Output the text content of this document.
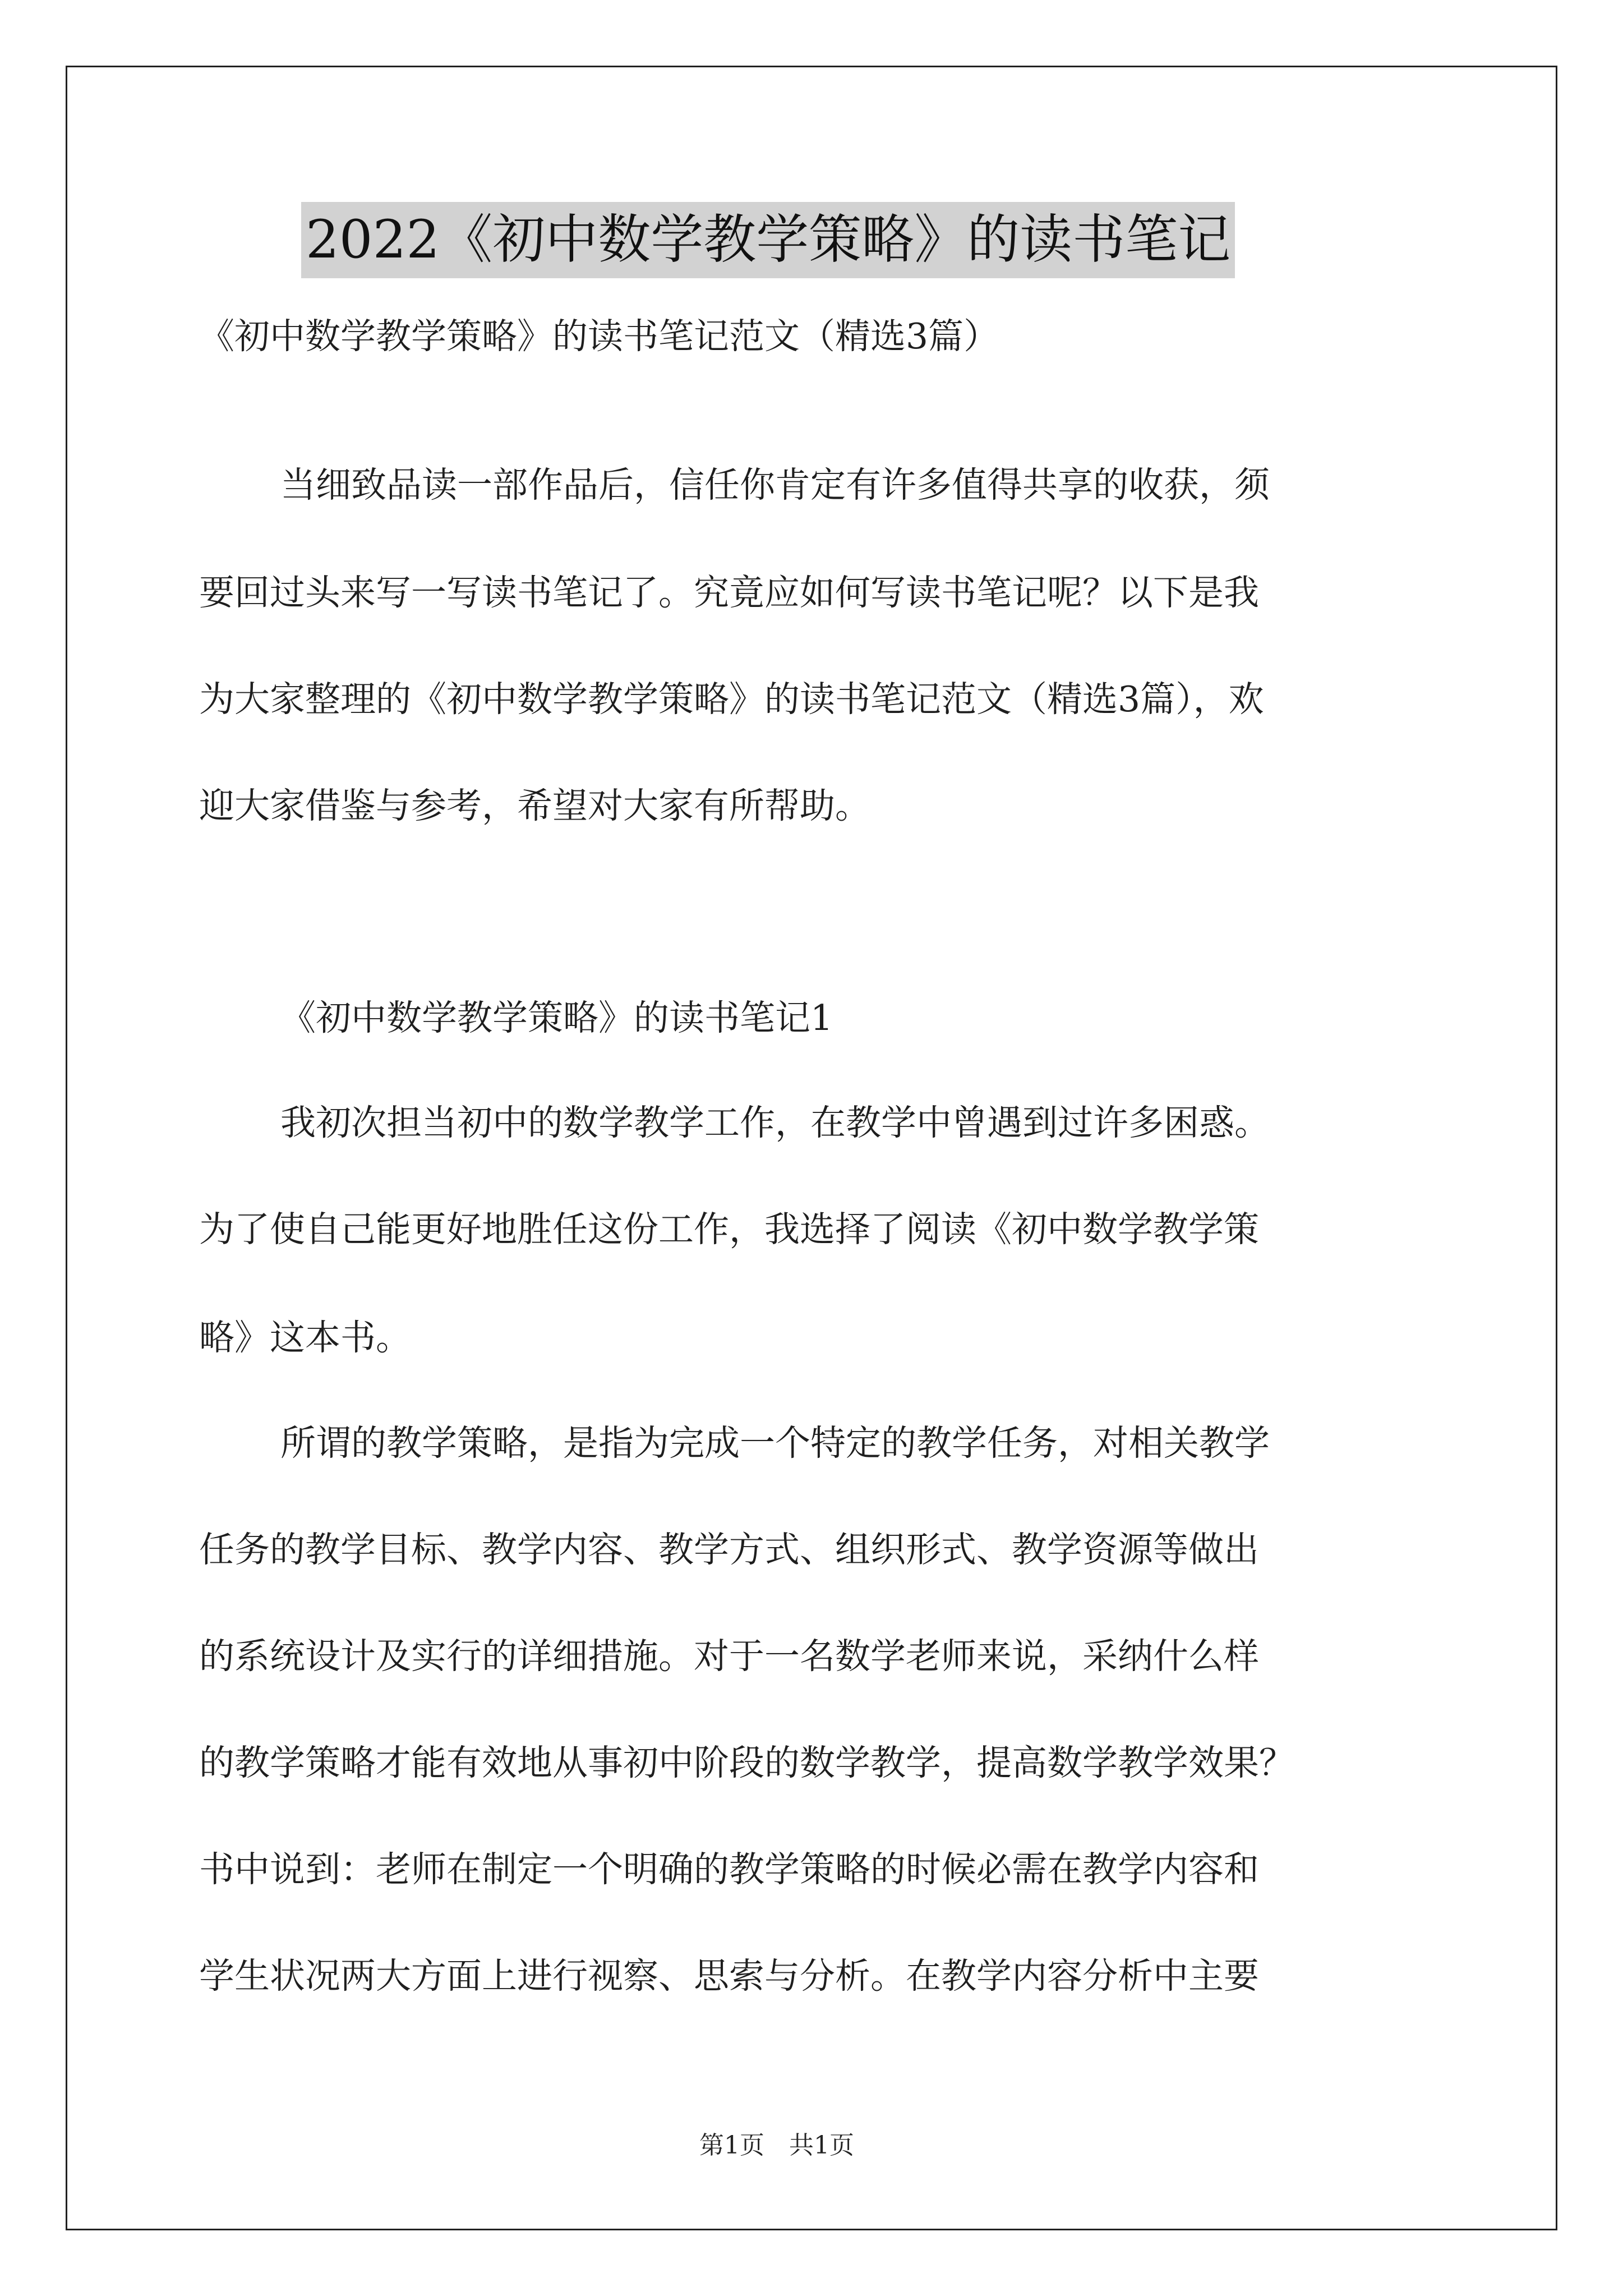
2022《初中数学教学策略》的读书笔记
《初中数学教学策略》的读书笔记范文（精选3篇）
当细致品读一部作品后，信任你肯定有许多值得共享的收获，须
要回过头来写一写读书笔记了。究竟应如何写读书笔记呢？以下是我
为大家整理的《初中数学教学策略》的读书笔记范文（精选3篇），欢
迎大家借鉴与参考，希望对大家有所帮助。
《初中数学教学策略》的读书笔记1
我初次担当初中的数学教学工作，在教学中曾遇到过许多困惑。
为了使自己能更好地胜任这份工作，我选择了阅读《初中数学教学策
略》这本书。
所谓的教学策略，是指为完成一个特定的教学任务，对相关教学
任务的教学目标、教学内容、教学方式、组织形式、教学资源等做出
的系统设计及实行的详细措施。对于一名数学老师来说，采纳什么样
的教学策略才能有效地从事初中阶段的数学教学，提高数学教学效果？
书中说到：老师在制定一个明确的教学策略的时候必需在教学内容和
学生状况两大方面上进行视察、思索与分析。在教学内容分析中主要
第1页　共1页
